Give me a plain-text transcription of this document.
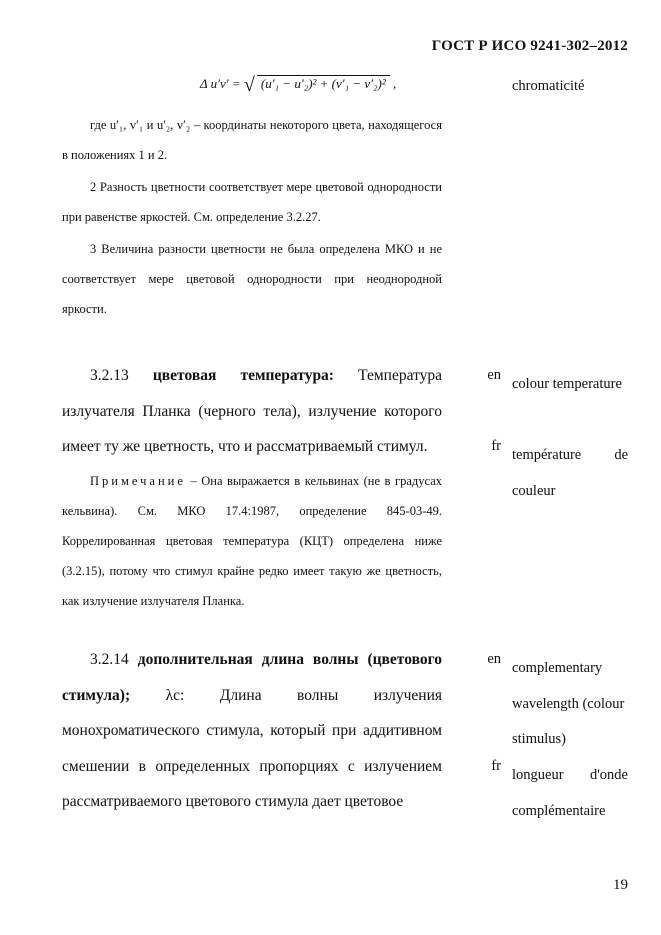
ГОСТ Р ИСО 9241-302–2012
Δ u′v′ = √ (u′₁ − u′₂)² + (v′₁ − v′₂)² ,	chromaticité

где u′₁, v′₁ и u′₂, v′₂ – координаты некоторого цвета, находящегося в положениях 1 и 2.

2 Разность цветности соответствует мере цветовой однородности при равенстве яркостей. См. определение 3.2.27.

3 Величина разности цветности не была определена МКО и не соответствует мере цветовой однородности при неоднородной яркости.

3.2.13 цветовая температура: Температура излучателя Планка (черного тела), излучение которого имеет ту же цветность, что и рассматриваемый стимул.

Примечание – Она выражается в кельвинах (не в градусах кельвина). См. МКО 17.4:1987, определение 845-03-49. Коррелированная цветовая температура (КЦТ) определена ниже (3.2.15), потому что стимул крайне редко имеет такую же цветность, как излучение излучателя Планка.

en
colour temperature
fr
température de couleur

3.2.14 дополнительная длина волны (цветового стимула); λc: Длина волны излучения монохроматического стимула, который при аддитивном смешении в определенных пропорциях с излучением рассматриваемого цветового стимула дает цветовое

en
complementary wavelength (colour stimulus)
fr
longueur d'onde complémentaire
19
